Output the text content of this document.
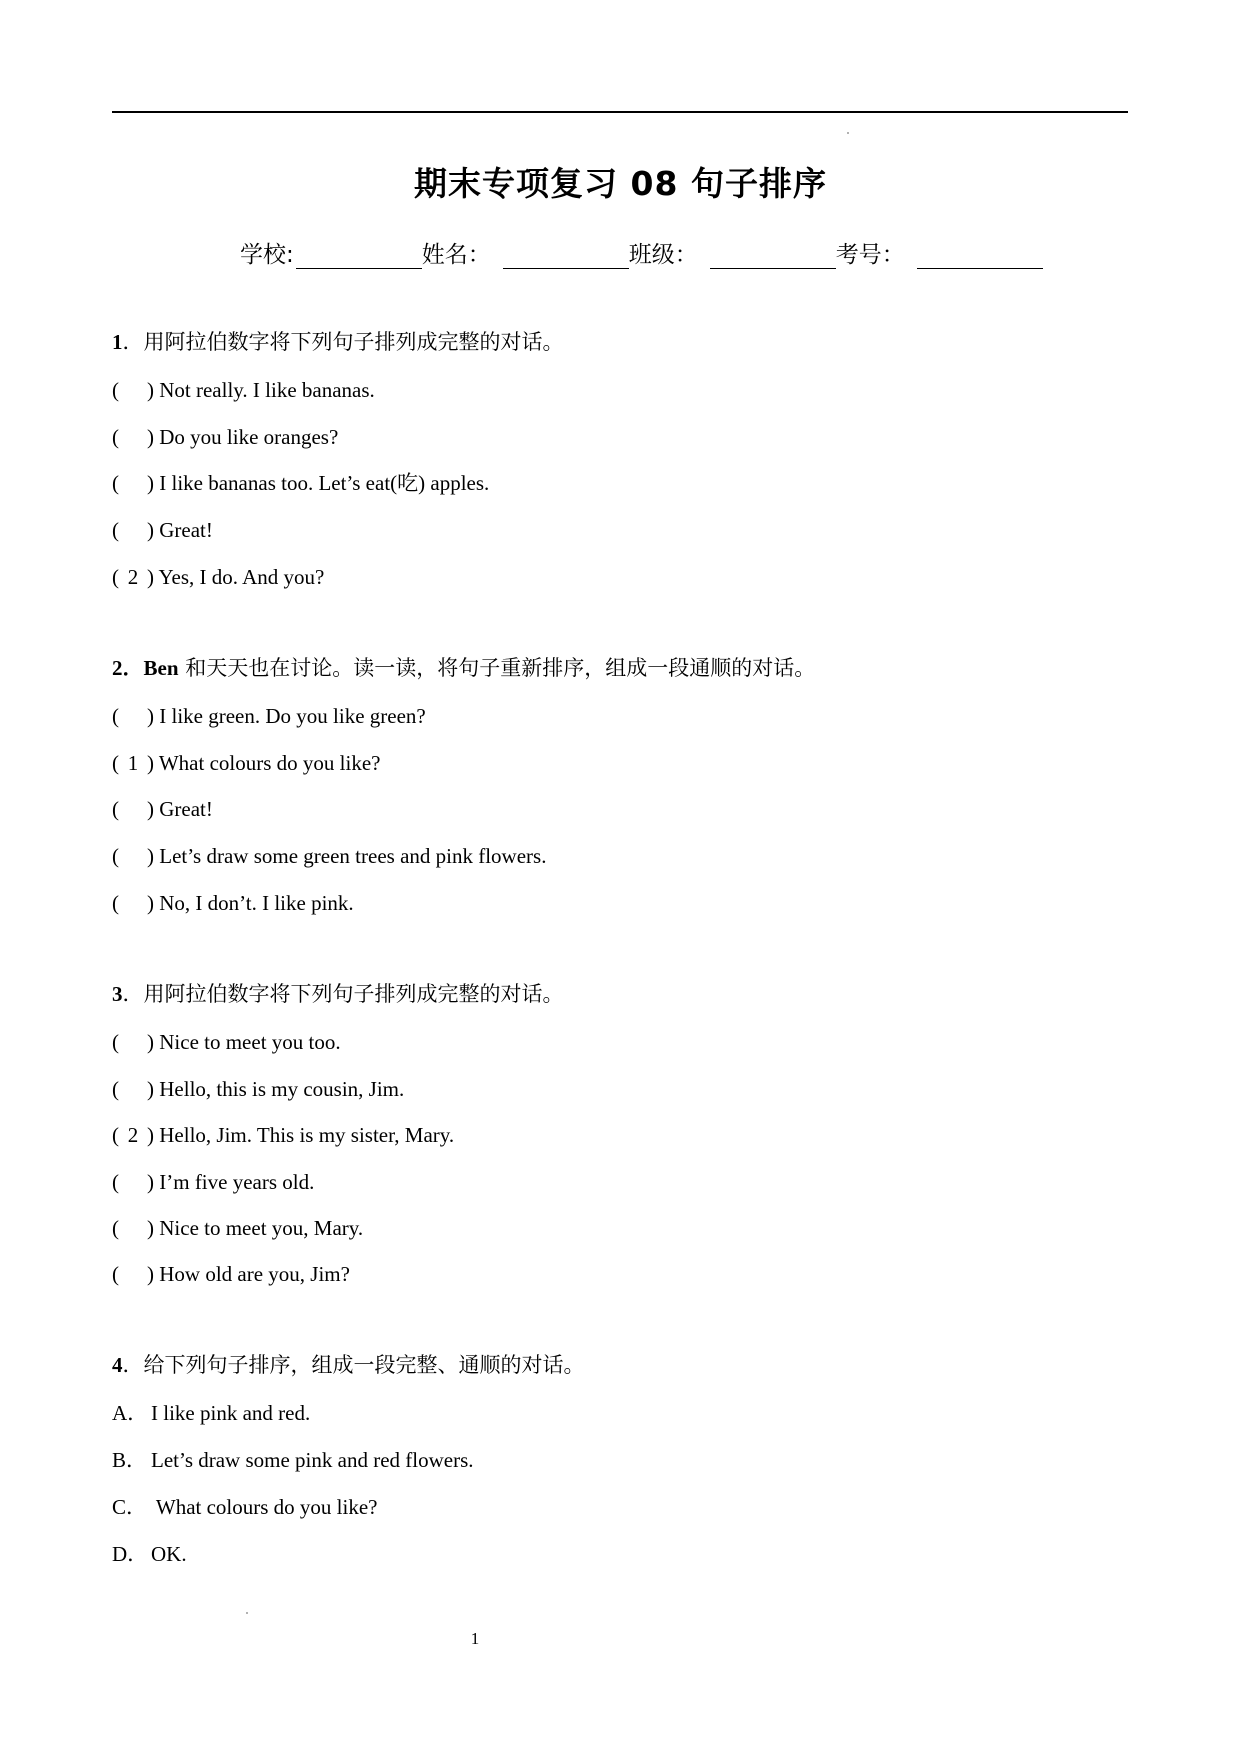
期末专项复习 08 句子排序
学校:	姓名：	班级：	考号：
1．用阿拉伯数字将下列句子排列成完整的对话。
( ) Not really. I like bananas.
( ) Do you like oranges?
( ) I like bananas too. Let’s eat(吃) apples.
( ) Great!
( 2 ) Yes, I do. And you?
2．Ben 和天天也在讨论。读一读，将句子重新排序，组成一段通顺的对话。
( ) I like green. Do you like green?
( 1 ) What colours do you like?
( ) Great!
( ) Let’s draw some green trees and pink flowers.
( ) No, I don’t. I like pink.
3．用阿拉伯数字将下列句子排列成完整的对话。
( ) Nice to meet you too.
( ) Hello, this is my cousin, Jim.
( 2 ) Hello, Jim. This is my sister, Mary.
( ) I’m five years old.
( ) Nice to meet you, Mary.
( ) How old are you, Jim?
4．给下列句子排序，组成一段完整、通顺的对话。
A． I like pink and red.
B． Let’s draw some pink and red flowers.
C． What colours do you like?
D． OK.
1
